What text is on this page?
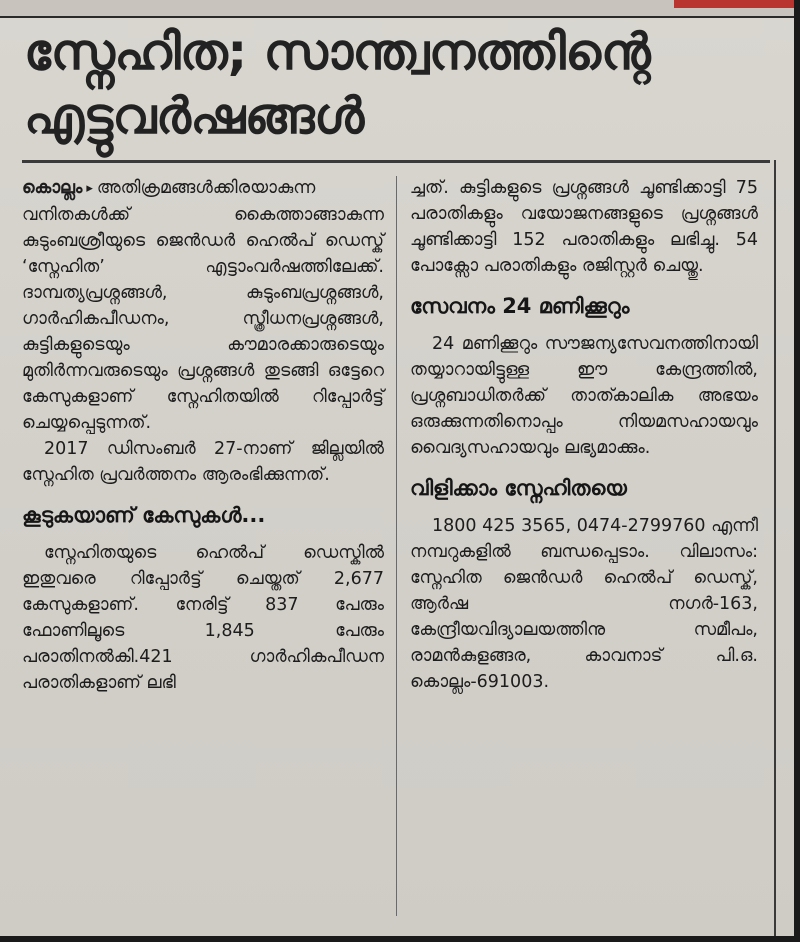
സ്നേഹിത; സാന്ത്വനത്തിന്റെ
എട്ടുവർഷങ്ങൾ

കൊല്ലം ▸ അതിക്രമങ്ങൾക്കിരയാകുന്ന വനിതകൾക്ക് കൈത്താങ്ങാകുന്ന കുടുംബശ്രീയുടെ ജെൻഡർ ഹെൽപ് ഡെസ്ക് ‘സ്നേഹിത’ എട്ടാംവർഷത്തിലേക്ക്. ദാമ്പത്യപ്രശ്നങ്ങൾ, കുടുംബപ്രശ്നങ്ങൾ, ഗാർഹികപീഡനം, സ്ത്രീധനപ്രശ്നങ്ങൾ, കുട്ടികളുടെയും കൗമാരക്കാരുടെയും മുതിർന്നവരുടെയും പ്രശ്നങ്ങൾ തുടങ്ങി ഒട്ടേറെ കേസുകളാണ് സ്നേഹിതയിൽ റിപ്പോർട്ട് ചെയ്യപ്പെടുന്നത്.

2017 ഡിസംബർ 27-നാണ് ജില്ലയിൽ സ്നേഹിത പ്രവർത്തനം ആരംഭിക്കുന്നത്.

കൂടുകയാണ് കേസുകൾ...

സ്നേഹിതയുടെ ഹെൽപ് ഡെസ്കിൽ ഇതുവരെ റിപ്പോർട്ട് ചെയ്തത് 2,677 കേസുകളാണ്. നേരിട്ട് 837 പേരും ഫോണിലൂടെ 1,845 പേരും പരാതിനൽകി.421 ഗാർഹികപീഡന പരാതികളാണ് ലഭി

ച്ചത്. കുട്ടികളുടെ പ്രശ്നങ്ങൾ ചൂണ്ടിക്കാട്ടി 75 പരാതികളും വയോജനങ്ങളുടെ പ്രശ്നങ്ങൾ ചൂണ്ടിക്കാട്ടി 152 പരാതികളും ലഭിച്ചു. 54 പോക്സോ പരാതികളും രജിസ്റ്റർ ചെയ്തു.

സേവനം 24 മണിക്കൂറും

24 മണിക്കൂറും സൗജന്യസേവനത്തിനായി തയ്യാറായിട്ടുള്ള ഈ കേന്ദ്രത്തിൽ, പ്രശ്നബാധിതർക്ക് താത്കാലിക അഭയം ഒരുക്കുന്നതിനൊപ്പം നിയമസഹായവും വൈദ്യസഹായവും ലഭ്യമാക്കും.

വിളിക്കാം സ്നേഹിതയെ

1800 425 3565, 0474-2799760 എന്നീ നമ്പറുകളിൽ ബന്ധപ്പെടാം. വിലാസം: സ്നേഹിത ജെൻഡർ ഹെൽപ് ഡെസ്ക്, ആർഷ നഗർ-163, കേന്ദ്രീയവിദ്യാലയത്തിനു സമീപം, രാമൻകുളങ്ങര, കാവനാട് പി.ഒ. കൊല്ലം-691003.
